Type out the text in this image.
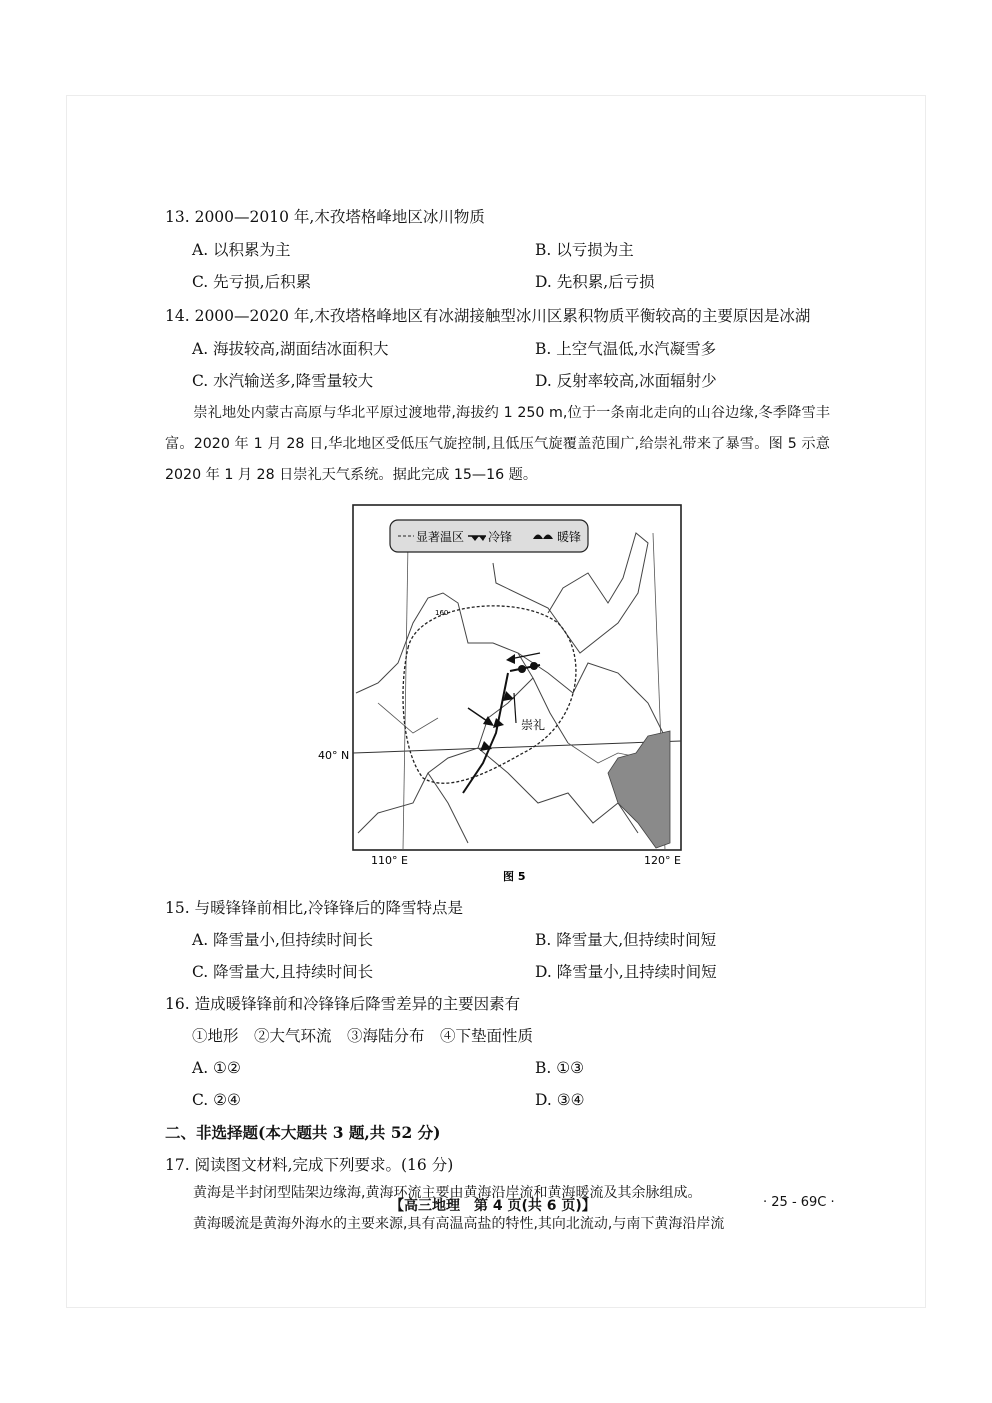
13. 2000—2010 年,木孜塔格峰地区冰川物质
A. 以积累为主	B. 以亏损为主
C. 先亏损,后积累	D. 先积累,后亏损
14. 2000—2020 年,木孜塔格峰地区有冰湖接触型冰川区累积物质平衡较高的主要原因是冰湖
A. 海拔较高,湖面结冰面积大	B. 上空气温低,水汽凝雪多
C. 水汽输送多,降雪量较大	D. 反射率较高,冰面辐射少
崇礼地处内蒙古高原与华北平原过渡地带,海拔约 1 250 m,位于一条南北走向的山谷边缘,冬季降雪丰富。2020 年 1 月 28 日,华北地区受低压气旋控制,且低压气旋覆盖范围广,给崇礼带来了暴雪。图 5 示意 2020 年 1 月 28 日崇礼天气系统。据此完成 15—16 题。
显著温区 冷锋	暖锋
160
崇礼
40° N
110° E	120° E
图 5
15. 与暖锋锋前相比,冷锋锋后的降雪特点是
A. 降雪量小,但持续时间长	B. 降雪量大,但持续时间短
C. 降雪量大,且持续时间长	D. 降雪量小,且持续时间短
16. 造成暖锋锋前和冷锋锋后降雪差异的主要因素有
①地形　②大气环流　③海陆分布　④下垫面性质
A. ①②	B. ①③
C. ②④	D. ③④
二、非选择题(本大题共 3 题,共 52 分)
17. 阅读图文材料,完成下列要求。(16 分)
黄海是半封闭型陆架边缘海,黄海环流主要由黄海沿岸流和黄海暖流及其余脉组成。
黄海暖流是黄海外海水的主要来源,具有高温高盐的特性,其向北流动,与南下黄海沿岸流
【高三地理　第 4 页(共 6 页)】	· 25 - 69C ·
